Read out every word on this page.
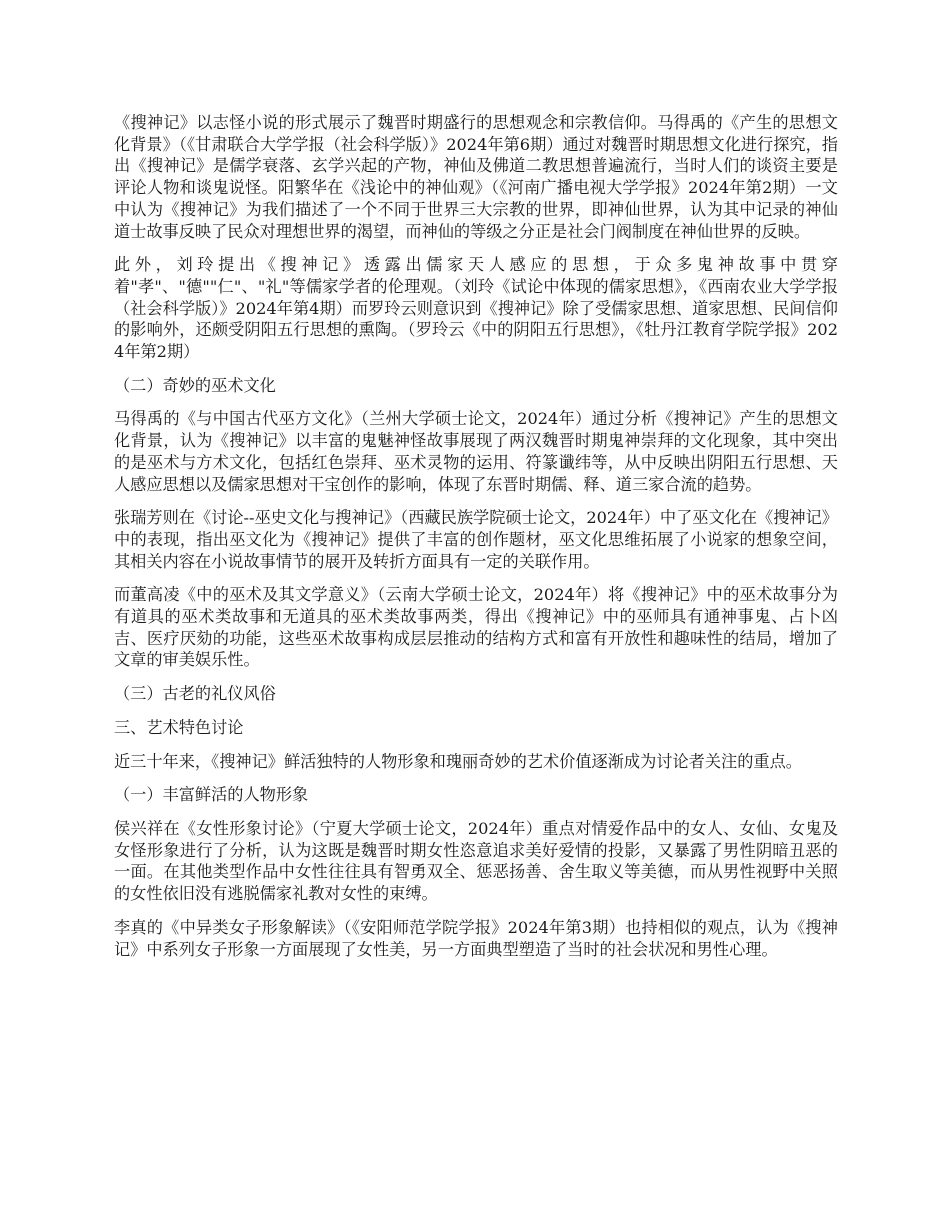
《搜神记》以志怪小说的形式展示了魏晋时期盛行的思想观念和宗教信仰。马得禹的《产生的思想文化背景》（《甘肃联合大学学报（社会科学版）》2024年第6期）通过对魏晋时期思想文化进行探究，指出《搜神记》是儒学衰落、玄学兴起的产物，神仙及佛道二教思想普遍流行，当时人们的谈资主要是评论人物和谈鬼说怪。阳繁华在《浅论中的神仙观》（《河南广播电视大学学报》2024年第2期）一文中认为《搜神记》为我们描述了一个不同于世界三大宗教的世界，即神仙世界，认为其中记录的神仙道士故事反映了民众对理想世界的渴望，而神仙的等级之分正是社会门阀制度在神仙世界的反映。

此外，刘玲提出《搜神记》透露出儒家天人感应的思想，于众多鬼神故事中贯穿着"孝"、"德""仁"、"礼"等儒家学者的伦理观。（刘玲《试论中体现的儒家思想》，《西南农业大学学报（社会科学版）》2024年第4期）而罗玲云则意识到《搜神记》除了受儒家思想、道家思想、民间信仰的影响外，还颇受阴阳五行思想的熏陶。（罗玲云《中的阴阳五行思想》，《牡丹江教育学院学报》2024年第2期）

（二）奇妙的巫术文化

马得禹的《与中国古代巫方文化》（兰州大学硕士论文，2024年）通过分析《搜神记》产生的思想文化背景，认为《搜神记》以丰富的鬼魅神怪故事展现了两汉魏晋时期鬼神崇拜的文化现象，其中突出的是巫术与方术文化，包括红色崇拜、巫术灵物的运用、符篆谶纬等，从中反映出阴阳五行思想、天人感应思想以及儒家思想对干宝创作的影响，体现了东晋时期儒、释、道三家合流的趋势。

张瑞芳则在《讨论--巫史文化与搜神记》（西藏民族学院硕士论文，2024年）中了巫文化在《搜神记》中的表现，指出巫文化为《搜神记》提供了丰富的创作题材，巫文化思维拓展了小说家的想象空间，其相关内容在小说故事情节的展开及转折方面具有一定的关联作用。

而董高凌《中的巫术及其文学意义》（云南大学硕士论文，2024年）将《搜神记》中的巫术故事分为有道具的巫术类故事和无道具的巫术类故事两类，得出《搜神记》中的巫师具有通神事鬼、占卜凶吉、医疗厌劾的功能，这些巫术故事构成层层推动的结构方式和富有开放性和趣味性的结局，增加了文章的审美娱乐性。

（三）古老的礼仪风俗

三、艺术特色讨论

近三十年来，《搜神记》鲜活独特的人物形象和瑰丽奇妙的艺术价值逐渐成为讨论者关注的重点。

（一）丰富鲜活的人物形象

侯兴祥在《女性形象讨论》（宁夏大学硕士论文，2024年）重点对情爱作品中的女人、女仙、女鬼及女怪形象进行了分析，认为这既是魏晋时期女性恣意追求美好爱情的投影，又暴露了男性阴暗丑恶的一面。在其他类型作品中女性往往具有智勇双全、惩恶扬善、舍生取义等美德，而从男性视野中关照的女性依旧没有逃脱儒家礼教对女性的束缚。

李真的《中异类女子形象解读》（《安阳师范学院学报》2024年第3期）也持相似的观点，认为《搜神记》中系列女子形象一方面展现了女性美，另一方面典型塑造了当时的社会状况和男性心理。
